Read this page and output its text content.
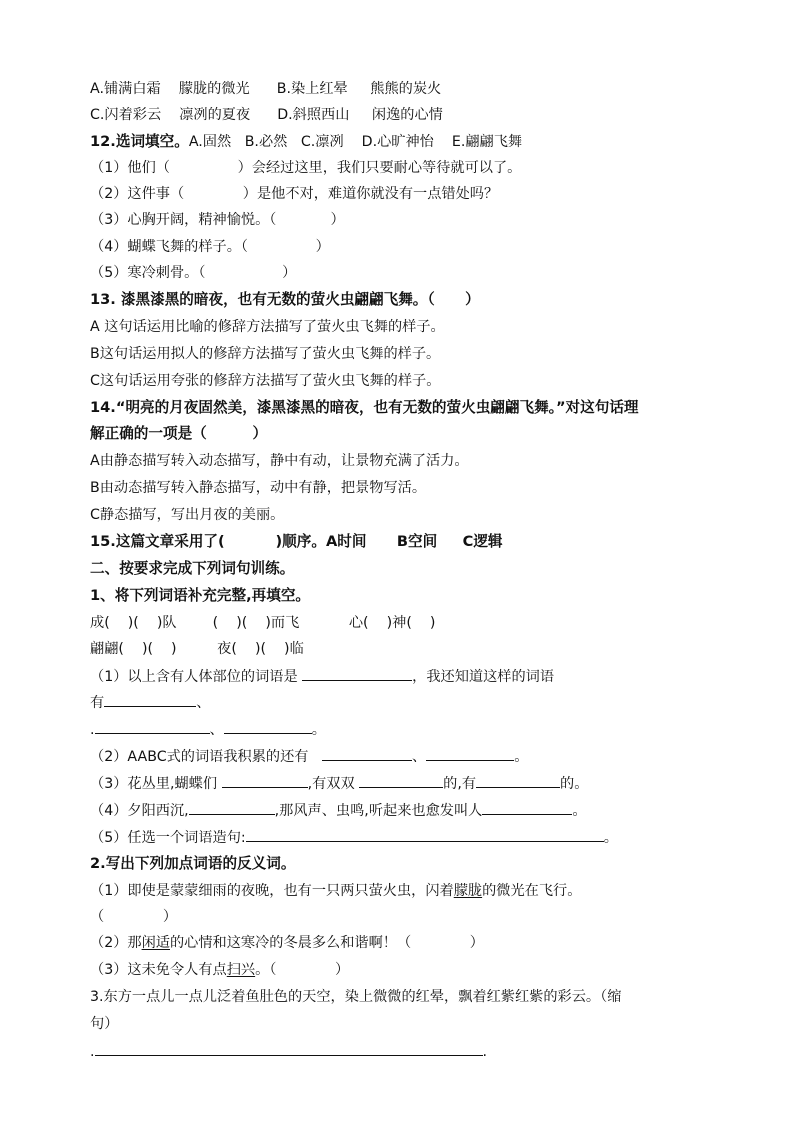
A.铺满白霜    朦胧的微光      B.染上红晕     熊熊的炭火
C.闪着彩云    凛冽的夏夜      D.斜照西山     闲逸的心情
12.选词填空。A.固然   B.必然   C.凛冽    D.心旷神怡    E.翩翩飞舞
（1）他们（               ）会经过这里，我们只要耐心等待就可以了。
（2）这件事（             ）是他不对，难道你就没有一点错处吗？
（3）心胸开阔，精神愉悦。（            ）
（4）蝴蝶飞舞的样子。（               ）
（5）寒冷刺骨。（                 ）
13. 漆黑漆黑的暗夜，也有无数的萤火虫翩翩飞舞。（      ）
A 这句话运用比喻的修辞方法描写了萤火虫飞舞的样子。
B这句话运用拟人的修辞方法描写了萤火虫飞舞的样子。
C这句话运用夸张的修辞方法描写了萤火虫飞舞的样子。
14.“明亮的月夜固然美，漆黑漆黑的暗夜，也有无数的萤火虫翩翩飞舞。”对这句话理
解正确的一项是（         ）
A由静态描写转入动态描写，静中有动，让景物充满了活力。
B由动态描写转入静态描写，动中有静，把景物写活。
C静态描写，写出月夜的美丽。
15.这篇文章采用了(          )顺序。A时间      B空间     C逻辑
二、按要求完成下列词句训练。
1、将下列词语补充完整,再填空。
成(    )(    )队        (    )(    )而飞           心(    )神(    )
翩翩(    )(    )         夜(    )(    )临
（1）以上含有人体部位的词语是	，我还知道这样的词语
有	、
.	、	。
（2）AABC式的词语我积累的还有	、	。
（3）花丛里,蝴蝶们	,有双双	的,有	的。
（4）夕阳西沉,	,那风声、虫鸣,听起来也愈发叫人	。
（5）任选一个词语造句:	。
2.写出下列加点词语的反义词。
（1）即使是蒙蒙细雨的夜晚，也有一只两只萤火虫，闪着朦胧的微光在飞行。
（             ）
（2）那闲适的心情和这寒冷的冬晨多么和谐啊！（             ）
（3）这未免令人有点扫兴。（             ）
3.东方一点儿一点儿泛着鱼肚色的天空，染上微微的红晕，飘着红紫红紫的彩云。（缩
句）
.	.
